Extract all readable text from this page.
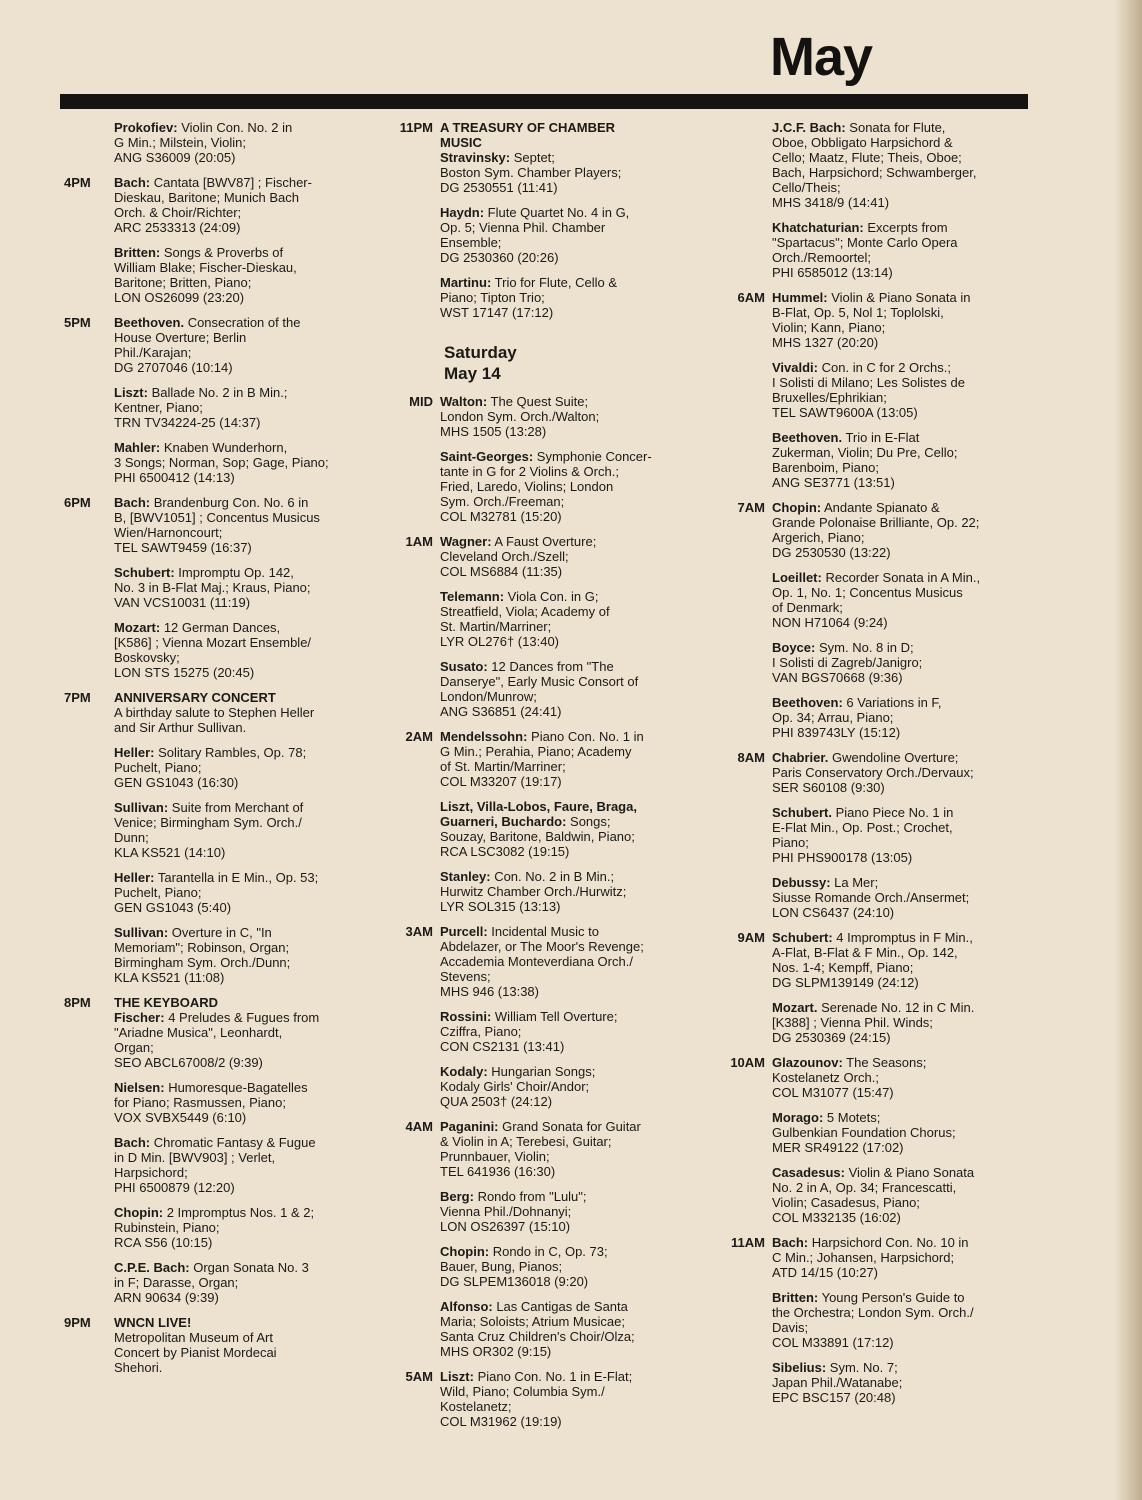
May
Prokofiev: Violin Con. No. 2 in
G Min.; Milstein, Violin;
ANG S36009 (20:05)
4PM	Bach: Cantata [BWV87] ; Fischer-
Dieskau, Baritone; Munich Bach
Orch. & Choir/Richter;
ARC 2533313 (24:09)
Britten: Songs & Proverbs of
William Blake; Fischer-Dieskau,
Baritone; Britten, Piano;
LON OS26099 (23:20)
5PM	Beethoven. Consecration of the
House Overture; Berlin
Phil./Karajan;
DG 2707046 (10:14)
Liszt: Ballade No. 2 in B Min.;
Kentner, Piano;
TRN TV34224-25 (14:37)
Mahler: Knaben Wunderhorn,
3 Songs; Norman, Sop; Gage, Piano;
PHI 6500412 (14:13)
6PM	Bach: Brandenburg Con. No. 6 in
B, [BWV1051] ; Concentus Musicus
Wien/Harnoncourt;
TEL SAWT9459 (16:37)
Schubert: Impromptu Op. 142,
No. 3 in B-Flat Maj.; Kraus, Piano;
VAN VCS10031 (11:19)
Mozart: 12 German Dances,
[K586] ; Vienna Mozart Ensemble/
Boskovsky;
LON STS 15275 (20:45)
7PM	ANNIVERSARY CONCERT
A birthday salute to Stephen Heller
and Sir Arthur Sullivan.
Heller: Solitary Rambles, Op. 78;
Puchelt, Piano;
GEN GS1043 (16:30)
Sullivan: Suite from Merchant of
Venice; Birmingham Sym. Orch./
Dunn;
KLA KS521 (14:10)
Heller: Tarantella in E Min., Op. 53;
Puchelt, Piano;
GEN GS1043 (5:40)
Sullivan: Overture in C, "In
Memoriam"; Robinson, Organ;
Birmingham Sym. Orch./Dunn;
KLA KS521 (11:08)
8PM	THE KEYBOARD
Fischer: 4 Preludes & Fugues from
"Ariadne Musica", Leonhardt,
Organ;
SEO ABCL67008/2 (9:39)
Nielsen: Humoresque-Bagatelles
for Piano; Rasmussen, Piano;
VOX SVBX5449 (6:10)
Bach: Chromatic Fantasy & Fugue
in D Min. [BWV903] ; Verlet,
Harpsichord;
PHI 6500879 (12:20)
Chopin: 2 Impromptus Nos. 1 & 2;
Rubinstein, Piano;
RCA S56 (10:15)
C.P.E. Bach: Organ Sonata No. 3
in F; Darasse, Organ;
ARN 90634 (9:39)
9PM	WNCN LIVE!
Metropolitan Museum of Art
Concert by Pianist Mordecai
Shehori.
11PM A TREASURY OF CHAMBER
MUSIC
Stravinsky: Septet;
Boston Sym. Chamber Players;
DG 2530551 (11:41)
Haydn: Flute Quartet No. 4 in G,
Op. 5; Vienna Phil. Chamber
Ensemble;
DG 2530360 (20:26)
Martinu: Trio for Flute, Cello &
Piano; Tipton Trio;
WST 17147 (17:12)
Saturday
May 14
MID Walton: The Quest Suite;
London Sym. Orch./Walton;
MHS 1505 (13:28)
Saint-Georges: Symphonie Concer-
tante in G for 2 Violins & Orch.;
Fried, Laredo, Violins; London
Sym. Orch./Freeman;
COL M32781 (15:20)
1AM Wagner: A Faust Overture;
Cleveland Orch./Szell;
COL MS6884 (11:35)
Telemann: Viola Con. in G;
Streatfield, Viola; Academy of
St. Martin/Marriner;
LYR OL276† (13:40)
Susato: 12 Dances from "The
Danserye", Early Music Consort of
London/Munrow;
ANG S36851 (24:41)
2AM Mendelssohn: Piano Con. No. 1 in
G Min.; Perahia, Piano; Academy
of St. Martin/Marriner;
COL M33207 (19:17)
Liszt, Villa-Lobos, Faure, Braga,
Guarneri, Buchardo: Songs;
Souzay, Baritone, Baldwin, Piano;
RCA LSC3082 (19:15)
Stanley: Con. No. 2 in B Min.;
Hurwitz Chamber Orch./Hurwitz;
LYR SOL315 (13:13)
3AM Purcell: Incidental Music to
Abdelazer, or The Moor's Revenge;
Accademia Monteverdiana Orch./
Stevens;
MHS 946 (13:38)
Rossini: William Tell Overture;
Cziffra, Piano;
CON CS2131 (13:41)
Kodaly: Hungarian Songs;
Kodaly Girls' Choir/Andor;
QUA 2503† (24:12)
4AM Paganini: Grand Sonata for Guitar
& Violin in A; Terebesi, Guitar;
Prunnbauer, Violin;
TEL 641936 (16:30)
Berg: Rondo from "Lulu";
Vienna Phil./Dohnanyi;
LON OS26397 (15:10)
Chopin: Rondo in C, Op. 73;
Bauer, Bung, Pianos;
DG SLPEM136018 (9:20)
Alfonso: Las Cantigas de Santa
Maria; Soloists; Atrium Musicae;
Santa Cruz Children's Choir/Olza;
MHS OR302 (9:15)
5AM Liszt: Piano Con. No. 1 in E-Flat;
Wild, Piano; Columbia Sym./
Kostelanetz;
COL M31962 (19:19)
J.C.F. Bach: Sonata for Flute,
Oboe, Obbligato Harpsichord &
Cello; Maatz, Flute; Theis, Oboe;
Bach, Harpsichord; Schwamberger,
Cello/Theis;
MHS 3418/9 (14:41)
Khatchaturian: Excerpts from
"Spartacus"; Monte Carlo Opera
Orch./Remoortel;
PHI 6585012 (13:14)
6AM Hummel: Violin & Piano Sonata in
B-Flat, Op. 5, Nol 1; Toplolski,
Violin; Kann, Piano;
MHS 1327 (20:20)
Vivaldi: Con. in C for 2 Orchs.;
I Solisti di Milano; Les Solistes de
Bruxelles/Ephrikian;
TEL SAWT9600A (13:05)
Beethoven. Trio in E-Flat
Zukerman, Violin; Du Pre, Cello;
Barenboim, Piano;
ANG SE3771 (13:51)
7AM Chopin: Andante Spianato &
Grande Polonaise Brilliante, Op. 22;
Argerich, Piano;
DG 2530530 (13:22)
Loeillet: Recorder Sonata in A Min.,
Op. 1, No. 1; Concentus Musicus
of Denmark;
NON H71064 (9:24)
Boyce: Sym. No. 8 in D;
I Solisti di Zagreb/Janigro;
VAN BGS70668 (9:36)
Beethoven: 6 Variations in F,
Op. 34; Arrau, Piano;
PHI 839743LY (15:12)
8AM Chabrier. Gwendoline Overture;
Paris Conservatory Orch./Dervaux;
SER S60108 (9:30)
Schubert. Piano Piece No. 1 in
E-Flat Min., Op. Post.; Crochet,
Piano;
PHI PHS900178 (13:05)
Debussy: La Mer;
Siusse Romande Orch./Ansermet;
LON CS6437 (24:10)
9AM Schubert: 4 Impromptus in F Min.,
A-Flat, B-Flat & F Min., Op. 142,
Nos. 1-4; Kempff, Piano;
DG SLPM139149 (24:12)
Mozart. Serenade No. 12 in C Min.
[K388] ; Vienna Phil. Winds;
DG 2530369 (24:15)
10AM Glazounov: The Seasons;
Kostelanetz Orch.;
COL M31077 (15:47)
Morago: 5 Motets;
Gulbenkian Foundation Chorus;
MER SR49122 (17:02)
Casadesus: Violin & Piano Sonata
No. 2 in A, Op. 34; Francescatti,
Violin; Casadesus, Piano;
COL M332135 (16:02)
11AM Bach: Harpsichord Con. No. 10 in
C Min.; Johansen, Harpsichord;
ATD 14/15 (10:27)
Britten: Young Person's Guide to
the Orchestra; London Sym. Orch./
Davis;
COL M33891 (17:12)
Sibelius: Sym. No. 7;
Japan Phil./Watanabe;
EPC BSC157 (20:48)
